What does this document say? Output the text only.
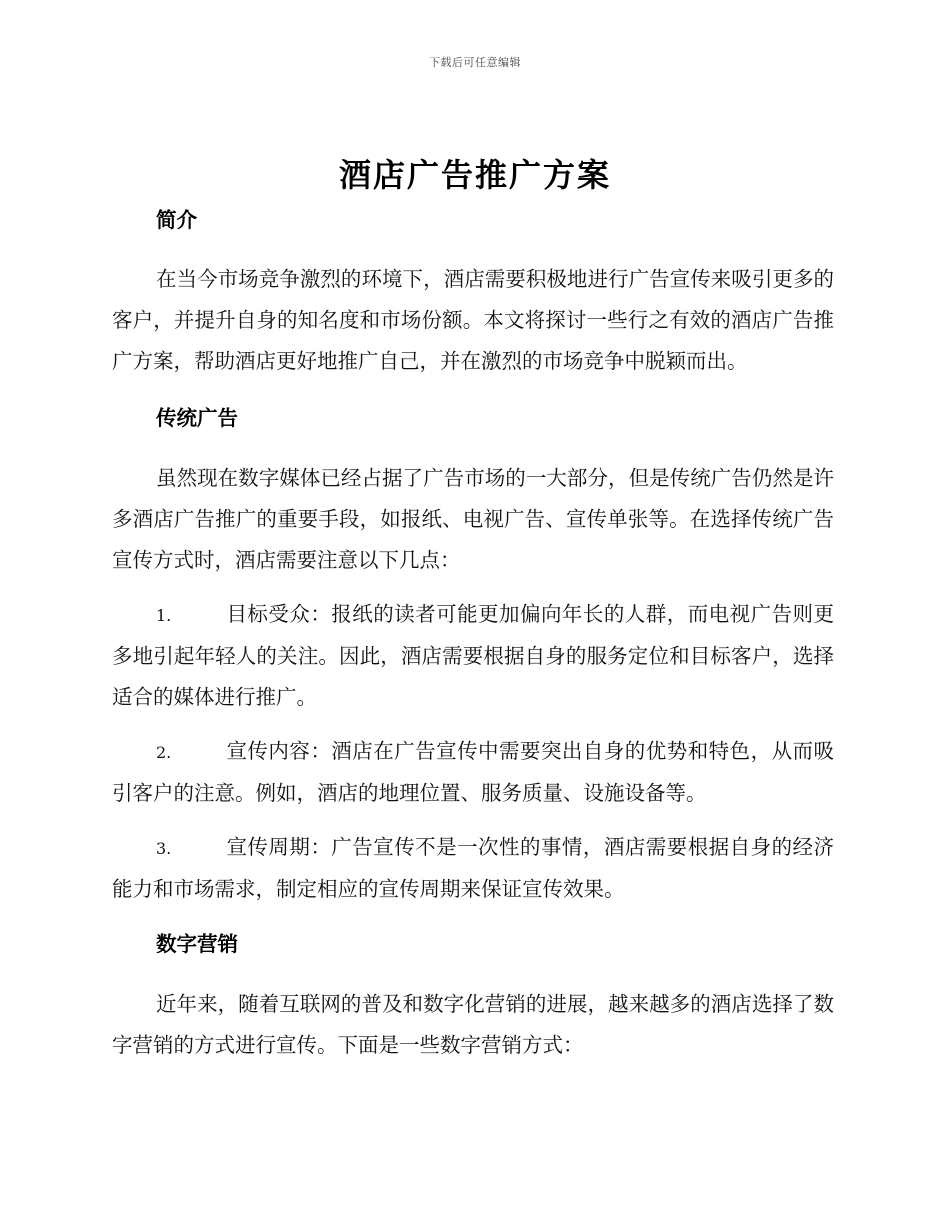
下载后可任意编辑
酒店广告推广方案

简介

在当今市场竞争激烈的环境下，酒店需要积极地进行广告宣传来吸引更多的客户，并提升自身的知名度和市场份额。本文将探讨一些行之有效的酒店广告推广方案，帮助酒店更好地推广自己，并在激烈的市场竞争中脱颖而出。

传统广告

虽然现在数字媒体已经占据了广告市场的一大部分，但是传统广告仍然是许多酒店广告推广的重要手段，如报纸、电视广告、宣传单张等。在选择传统广告宣传方式时，酒店需要注意以下几点：

1.	目标受众：报纸的读者可能更加偏向年长的人群，而电视广告则更多地引起年轻人的关注。因此，酒店需要根据自身的服务定位和目标客户，选择适合的媒体进行推广。

2.	宣传内容：酒店在广告宣传中需要突出自身的优势和特色，从而吸引客户的注意。例如，酒店的地理位置、服务质量、设施设备等。

3.	宣传周期：广告宣传不是一次性的事情，酒店需要根据自身的经济能力和市场需求，制定相应的宣传周期来保证宣传效果。

数字营销

近年来，随着互联网的普及和数字化营销的进展，越来越多的酒店选择了数字营销的方式进行宣传。下面是一些数字营销方式：
